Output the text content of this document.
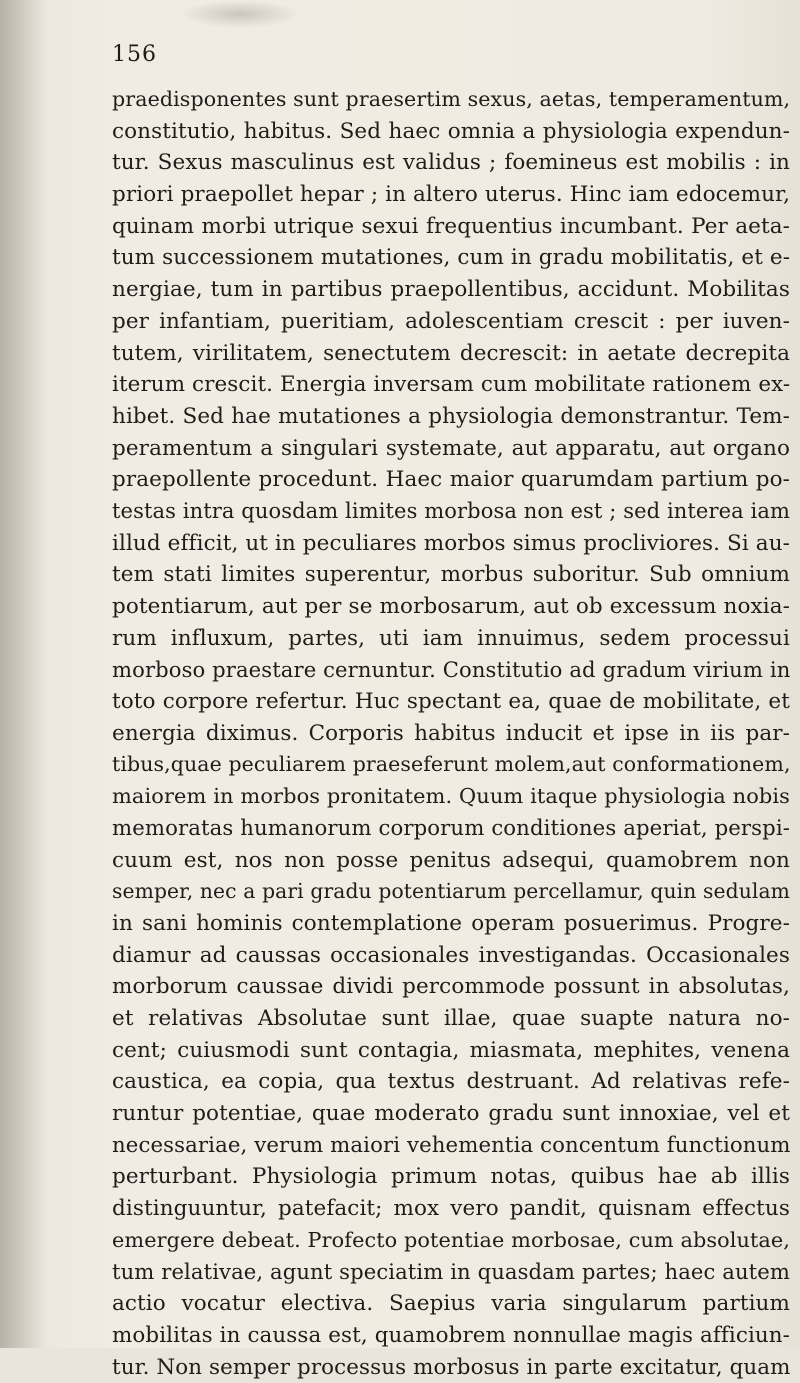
156
praedisponentes sunt praesertim sexus, aetas, temperamentum,
constitutio, habitus. Sed haec omnia a physiologia expendun-
tur. Sexus masculinus est validus ; foemineus est mobilis : in
priori praepollet hepar ; in altero uterus. Hinc iam edocemur,
quinam morbi utrique sexui frequentius incumbant. Per aeta-
tum successionem mutationes, cum in gradu mobilitatis, et e-
nergiae, tum in partibus praepollentibus, accidunt. Mobilitas
per infantiam, pueritiam, adolescentiam crescit : per iuven-
tutem, virilitatem, senectutem decrescit: in aetate decrepita
iterum crescit. Energia inversam cum mobilitate rationem ex-
hibet. Sed hae mutationes a physiologia demonstrantur. Tem-
peramentum a singulari systemate, aut apparatu, aut organo
praepollente procedunt. Haec maior quarumdam partium po-
testas intra quosdam limites morbosa non est ; sed interea iam
illud efficit, ut in peculiares morbos simus procliviores. Si au-
tem stati limites superentur, morbus suboritur. Sub omnium
potentiarum, aut per se morbosarum, aut ob excessum noxia-
rum influxum, partes, uti iam innuimus, sedem processui
morboso praestare cernuntur. Constitutio ad gradum virium in
toto corpore refertur. Huc spectant ea, quae de mobilitate, et
energia diximus. Corporis habitus inducit et ipse in iis par-
tibus,quae peculiarem praeseferunt molem,aut conformationem,
maiorem in morbos pronitatem. Quum itaque physiologia nobis
memoratas humanorum corporum conditiones aperiat, perspi-
cuum est, nos non posse penitus adsequi, quamobrem non
semper, nec a pari gradu potentiarum percellamur, quin sedulam
in sani hominis contemplatione operam posuerimus. Progre-
diamur ad caussas occasionales investigandas. Occasionales
morborum caussae dividi percommode possunt in absolutas,
et relativas Absolutae sunt illae, quae suapte natura no-
cent; cuiusmodi sunt contagia, miasmata, mephites, venena
caustica, ea copia, qua textus destruant. Ad relativas refe-
runtur potentiae, quae moderato gradu sunt innoxiae, vel et
necessariae, verum maiori vehementia concentum functionum
perturbant. Physiologia primum notas, quibus hae ab illis
distinguuntur, patefacit; mox vero pandit, quisnam effectus
emergere debeat. Profecto potentiae morbosae, cum absolutae,
tum relativae, agunt speciatim in quasdam partes; haec autem
actio vocatur electiva. Saepius varia singularum partium
mobilitas in caussa est, quamobrem nonnullae magis afficiun-
tur. Non semper processus morbosus in parte excitatur, quam
